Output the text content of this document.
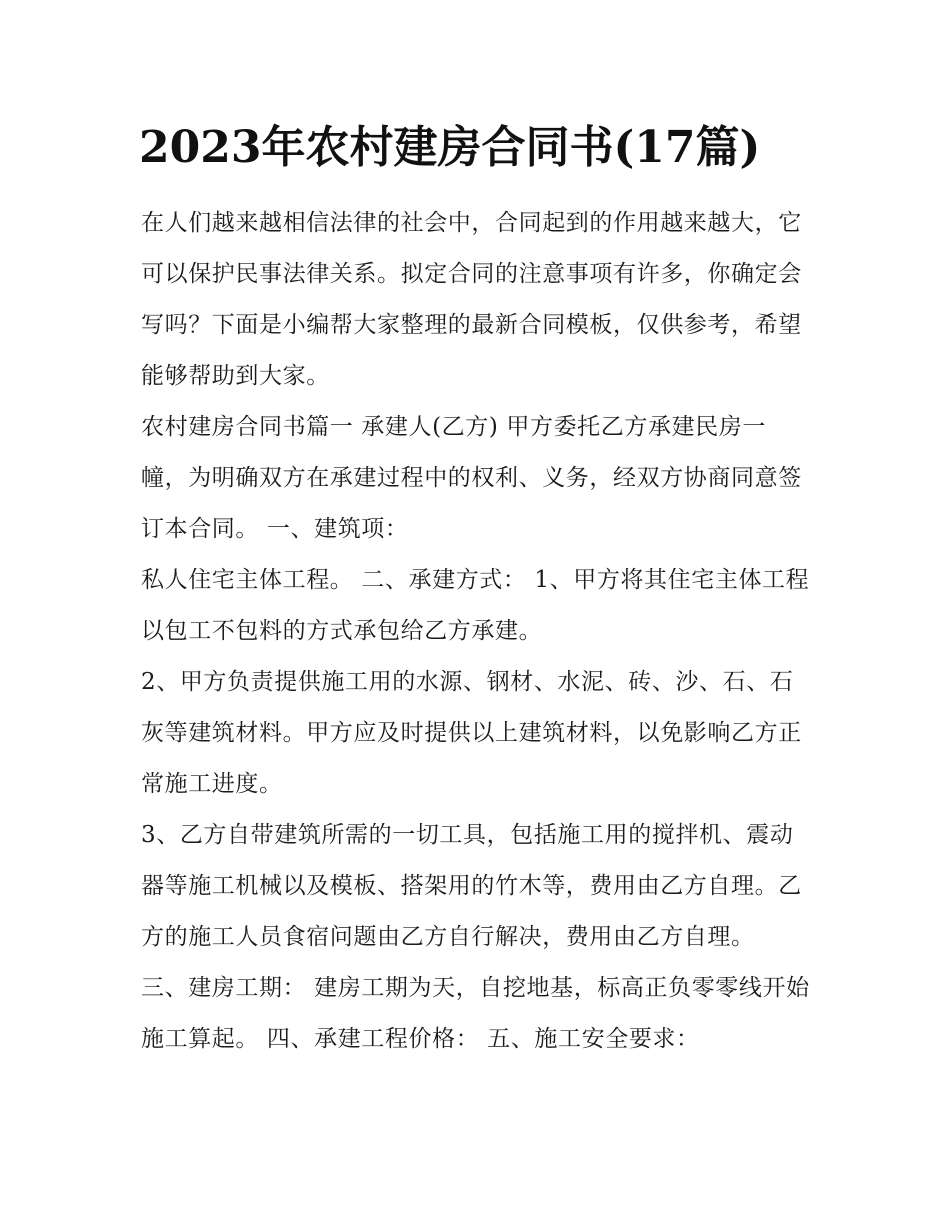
2023年农村建房合同书(17篇)

在人们越来越相信法律的社会中，合同起到的作用越来越大，它可以保护民事法律关系。拟定合同的注意事项有许多，你确定会写吗？下面是小编帮大家整理的最新合同模板，仅供参考，希望能够帮助到大家。

农村建房合同书篇一 承建人(乙方) 甲方委托乙方承建民房一幢，为明确双方在承建过程中的权利、义务，经双方协商同意签订本合同。 一、建筑项：

私人住宅主体工程。 二、承建方式： 1、甲方将其住宅主体工程以包工不包料的方式承包给乙方承建。

2、甲方负责提供施工用的水源、钢材、水泥、砖、沙、石、石灰等建筑材料。甲方应及时提供以上建筑材料，以免影响乙方正常施工进度。

3、乙方自带建筑所需的一切工具，包括施工用的搅拌机、震动器等施工机械以及模板、搭架用的竹木等，费用由乙方自理。乙方的施工人员食宿问题由乙方自行解决，费用由乙方自理。

三、建房工期： 建房工期为天，自挖地基，标高正负零零线开始施工算起。 四、承建工程价格： 五、施工安全要求：
